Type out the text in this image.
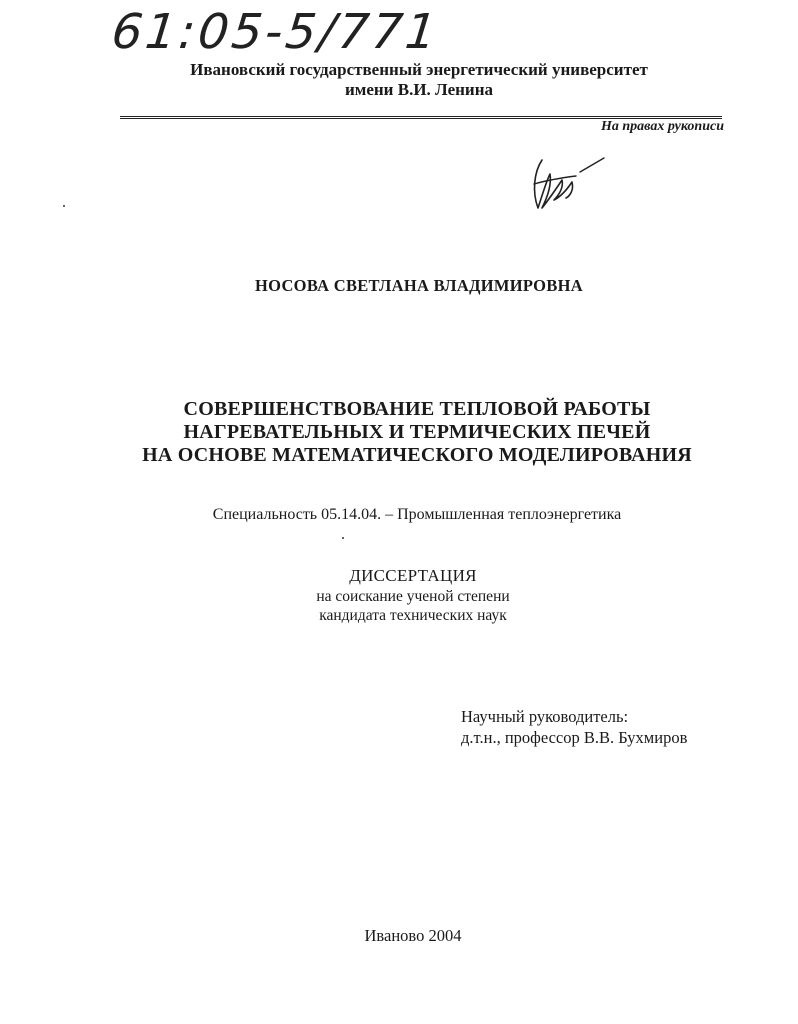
61:05-5/771
Ивановский государственный энергетический университет
имени В.И. Ленина
На правах рукописи
НОСОВА СВЕТЛАНА ВЛАДИМИРОВНА
СОВЕРШЕНСТВОВАНИЕ ТЕПЛОВОЙ РАБОТЫ
НАГРЕВАТЕЛЬНЫХ И ТЕРМИЧЕСКИХ ПЕЧЕЙ
НА ОСНОВЕ МАТЕМАТИЧЕСКОГО МОДЕЛИРОВАНИЯ
Специальность 05.14.04. – Промышленная теплоэнергетика
ДИССЕРТАЦИЯ
на соискание ученой степени
кандидата технических наук
Научный руководитель:
д.т.н., профессор В.В. Бухмиров
Иваново 2004
